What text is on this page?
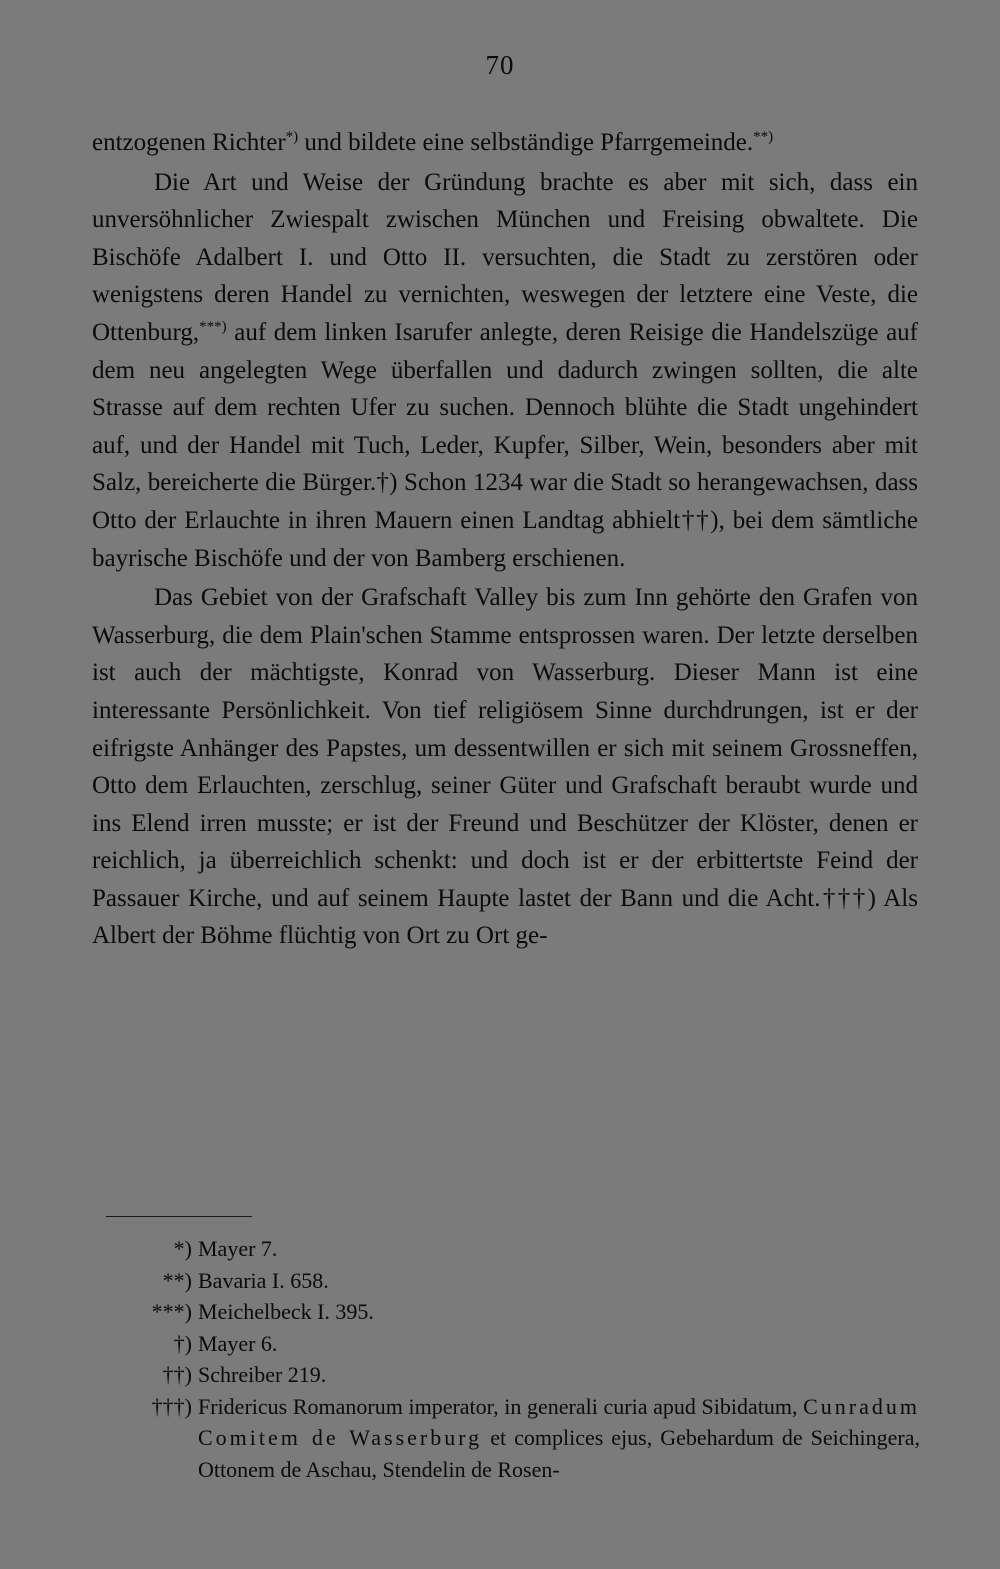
70

entzogenen Richter*) und bildete eine selbständige Pfarrgemeinde.**)

Die Art und Weise der Gründung brachte es aber mit sich, dass ein unversöhnlicher Zwiespalt zwischen München und Freising obwaltete. Die Bischöfe Adalbert I. und Otto II. versuchten, die Stadt zu zerstören oder wenigstens deren Handel zu vernichten, weswegen der letztere eine Veste, die Ottenburg,***) auf dem linken Isarufer anlegte, deren Reisige die Handelszüge auf dem neu angelegten Wege überfallen und dadurch zwingen sollten, die alte Strasse auf dem rechten Ufer zu suchen. Dennoch blühte die Stadt ungehindert auf, und der Handel mit Tuch, Leder, Kupfer, Silber, Wein, besonders aber mit Salz, bereicherte die Bürger.†) Schon 1234 war die Stadt so herangewachsen, dass Otto der Erlauchte in ihren Mauern einen Landtag abhielt††), bei dem sämtliche bayrische Bischöfe und der von Bamberg erschienen.

Das Gebiet von der Grafschaft Valley bis zum Inn gehörte den Grafen von Wasserburg, die dem Plain'schen Stamme entsprossen waren. Der letzte derselben ist auch der mächtigste, Konrad von Wasserburg. Dieser Mann ist eine interessante Persönlichkeit. Von tief religiösem Sinne durchdrungen, ist er der eifrigste Anhänger des Papstes, um dessentwillen er sich mit seinem Grossneffen, Otto dem Erlauchten, zerschlug, seiner Güter und Grafschaft beraubt wurde und ins Elend irren musste; er ist der Freund und Beschützer der Klöster, denen er reichlich, ja überreichlich schenkt: und doch ist er der erbittertste Feind der Passauer Kirche, und auf seinem Haupte lastet der Bann und die Acht.†††) Als Albert der Böhme flüchtig von Ort zu Ort ge-

*) Mayer 7.
**) Bavaria I. 658.
***) Meichelbeck I. 395.
†) Mayer 6.
††) Schreiber 219.
†††) Fridericus Romanorum imperator, in generali curia apud Sibidatum, Cunradum Comitem de Wasserburg et complices ejus, Gebehardum de Seichingera, Ottonem de Aschau, Stendelin de Rosen-
